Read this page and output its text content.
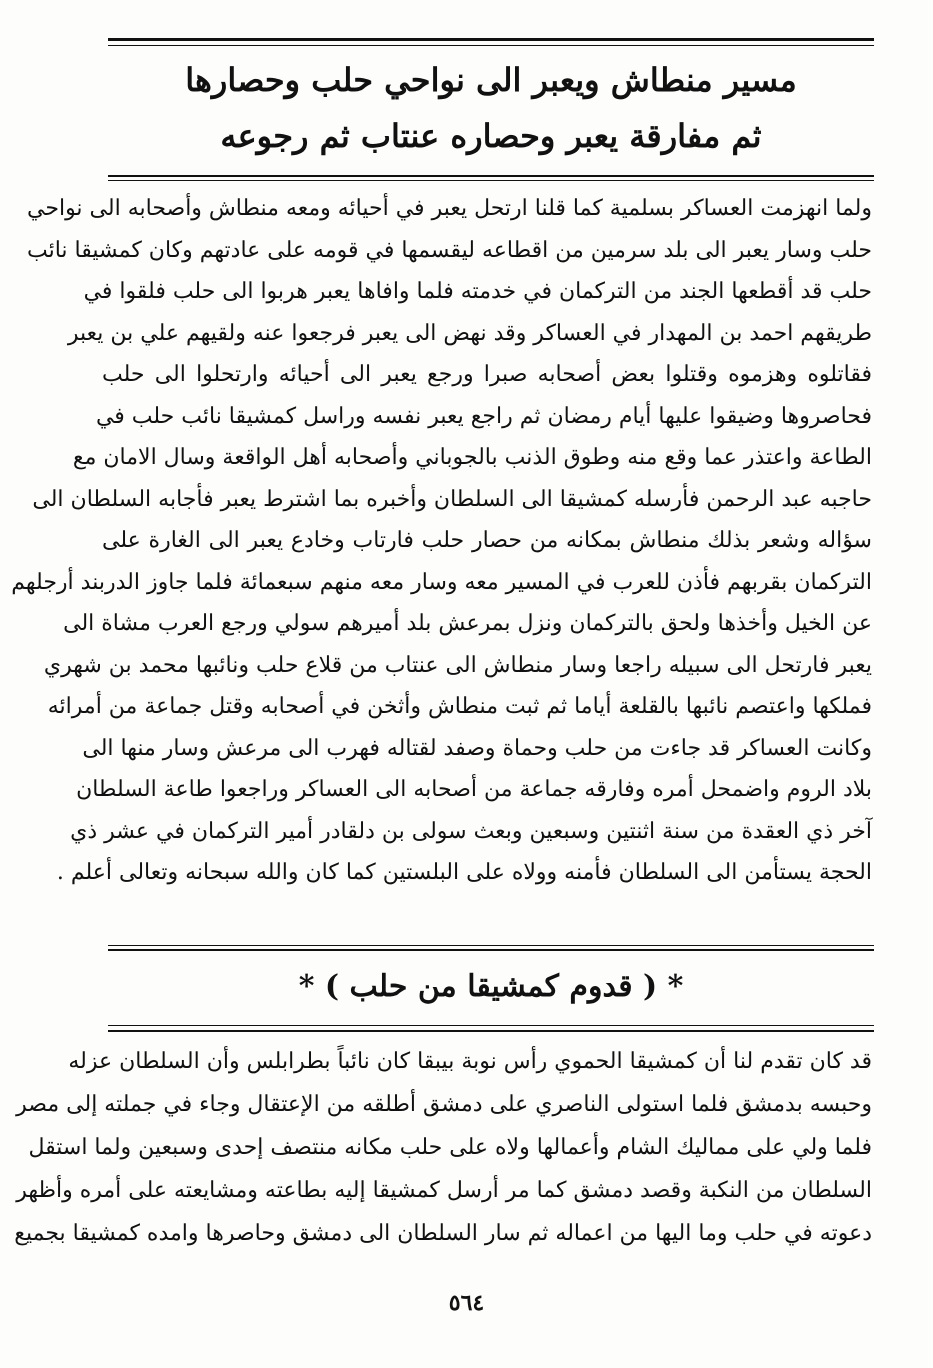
مسير منطاش ويعبر الى نواحي حلب وحصارها
ثم مفارقة يعبر وحصاره عنتاب ثم رجوعه
ولما انهزمت العساكر بسلمية كما قلنا ارتحل يعبر في أحيائه ومعه منطاش وأصحابه الى نواحي
حلب وسار يعبر الى بلد سرمين من اقطاعه ليقسمها في قومه على عادتهم وكان كمشيقا نائب
حلب قد أقطعها الجند من التركمان في خدمته فلما وافاها يعبر هربوا الى حلب فلقوا في
طريقهم احمد بن المهدار في العساكر وقد نهض الى يعبر فرجعوا عنه ولقيهم علي بن يعبر
فقاتلوه وهزموه وقتلوا بعض أصحابه صبرا ورجع يعبر الى أحيائه وارتحلوا الى حلب
فحاصروها وضيقوا عليها أيام رمضان ثم راجع يعبر نفسه وراسل كمشيقا نائب حلب في
الطاعة واعتذر عما وقع منه وطوق الذنب بالجوباني وأصحابه أهل الواقعة وسال الامان مع
حاجبه عبد الرحمن فأرسله كمشيقا الى السلطان وأخبره بما اشترط يعبر فأجابه السلطان الى
سؤاله وشعر بذلك منطاش بمكانه من حصار حلب فارتاب وخادع يعبر الى الغارة على
التركمان بقربهم فأذن للعرب في المسير معه وسار معه منهم سبعمائة فلما جاوز الدربند أرجلهم
عن الخيل وأخذها ولحق بالتركمان ونزل بمرعش بلد أميرهم سولي ورجع العرب مشاة الى
يعبر فارتحل الى سبيله راجعا وسار منطاش الى عنتاب من قلاع حلب ونائبها محمد بن شهري
فملكها واعتصم نائبها بالقلعة أياما ثم ثبت منطاش وأثخن في أصحابه وقتل جماعة من أمرائه
وكانت العساكر قد جاءت من حلب وحماة وصفد لقتاله فهرب الى مرعش وسار منها الى
بلاد الروم واضمحل أمره وفارقه جماعة من أصحابه الى العساكر وراجعوا طاعة السلطان
آخر ذي العقدة من سنة اثنتين وسبعين وبعث سولى بن دلقادر أمير التركمان في عشر ذي
الحجة يستأمن الى السلطان فأمنه وولاه على البلستين كما كان والله سبحانه وتعالى أعلم .
* ( قدوم كمشيقا من حلب ) *
قد كان تقدم لنا أن كمشيقا الحموي رأس نوبة بيبقا كان نائباً بطرابلس وأن السلطان عزله
وحبسه بدمشق فلما استولى الناصري على دمشق أطلقه من الإعتقال وجاء في جملته إلى مصر
فلما ولي على مماليك الشام وأعمالها ولاه على حلب مكانه منتصف إحدى وسبعين ولما استقل
السلطان من النكبة وقصد دمشق كما مر أرسل كمشيقا إليه بطاعته ومشايعته على أمره وأظهر
دعوته في حلب وما اليها من اعماله ثم سار السلطان الى دمشق وحاصرها وامده كمشيقا بجميع
٥٦٤
